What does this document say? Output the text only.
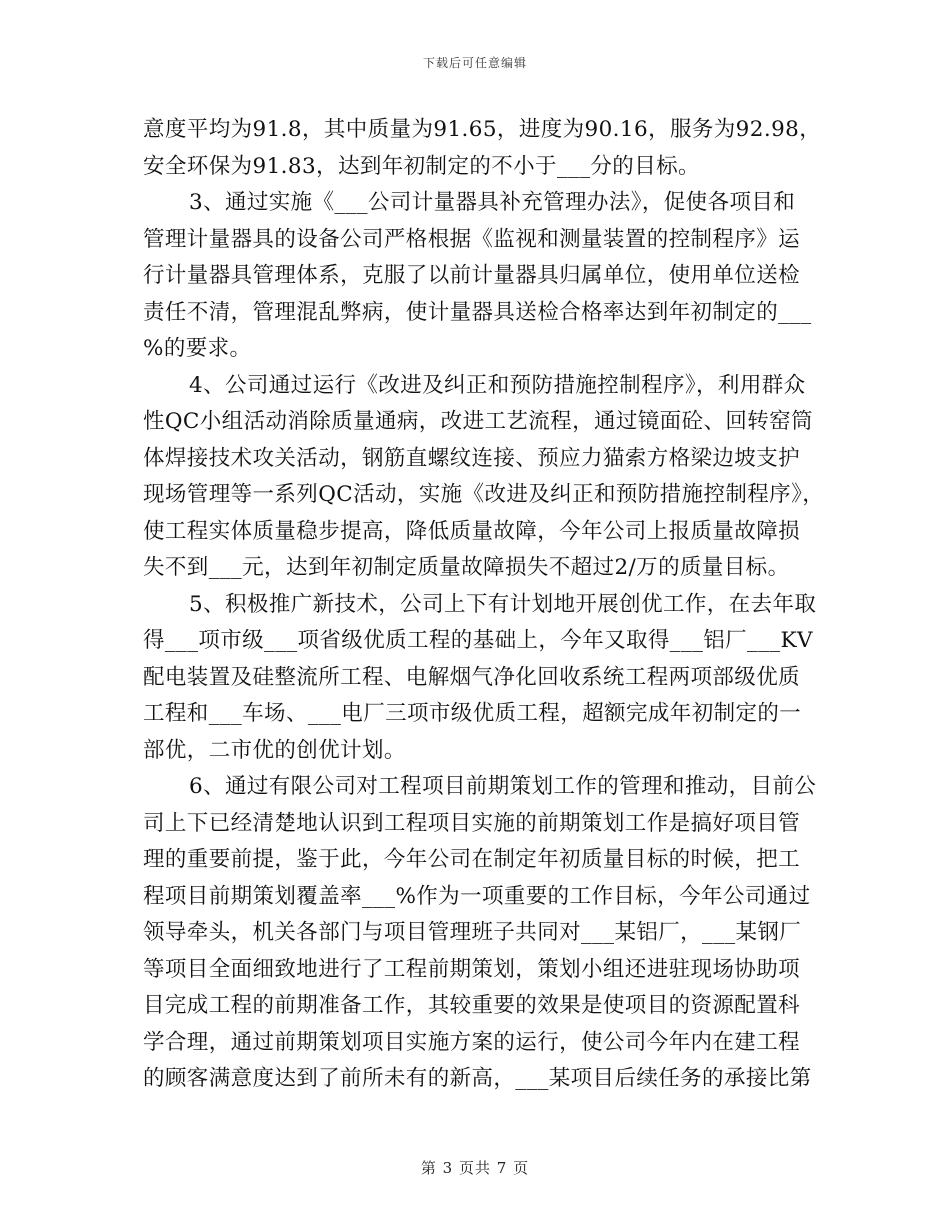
下载后可任意编辑
意度平均为91.8，其中质量为91.65，进度为90.16，服务为92.98，
安全环保为91.83，达到年初制定的不小于___分的目标。
3、通过实施《___公司计量器具补充管理办法》，促使各项目和
管理计量器具的设备公司严格根据《监视和测量装置的控制程序》运
行计量器具管理体系，克服了以前计量器具归属单位，使用单位送检
责任不清，管理混乱弊病，使计量器具送检合格率达到年初制定的___
%的要求。
4、公司通过运行《改进及纠正和预防措施控制程序》，利用群众
性QC小组活动消除质量通病，改进工艺流程，通过镜面砼、回转窑筒
体焊接技术攻关活动，钢筋直螺纹连接、预应力猫索方格梁边坡支护
现场管理等一系列QC活动，实施《改进及纠正和预防措施控制程序》，
使工程实体质量稳步提高，降低质量故障，今年公司上报质量故障损
失不到___元，达到年初制定质量故障损失不超过2/万的质量目标。
5、积极推广新技术，公司上下有计划地开展创优工作，在去年取
得___项市级___项省级优质工程的基础上，今年又取得___铝厂___KV
配电装置及硅整流所工程、电解烟气净化回收系统工程两项部级优质
工程和___车场、___电厂三项市级优质工程，超额完成年初制定的一
部优，二市优的创优计划。
6、通过有限公司对工程项目前期策划工作的管理和推动，目前公
司上下已经清楚地认识到工程项目实施的前期策划工作是搞好项目管
理的重要前提，鉴于此，今年公司在制定年初质量目标的时候，把工
程项目前期策划覆盖率___%作为一项重要的工作目标，今年公司通过
领导牵头，机关各部门与项目管理班子共同对___某铝厂，___某钢厂
等项目全面细致地进行了工程前期策划，策划小组还进驻现场协助项
目完成工程的前期准备工作，其较重要的效果是使项目的资源配置科
学合理，通过前期策划项目实施方案的运行，使公司今年内在建工程
的顾客满意度达到了前所未有的新高，___某项目后续任务的承接比第
第 3 页共 7 页
